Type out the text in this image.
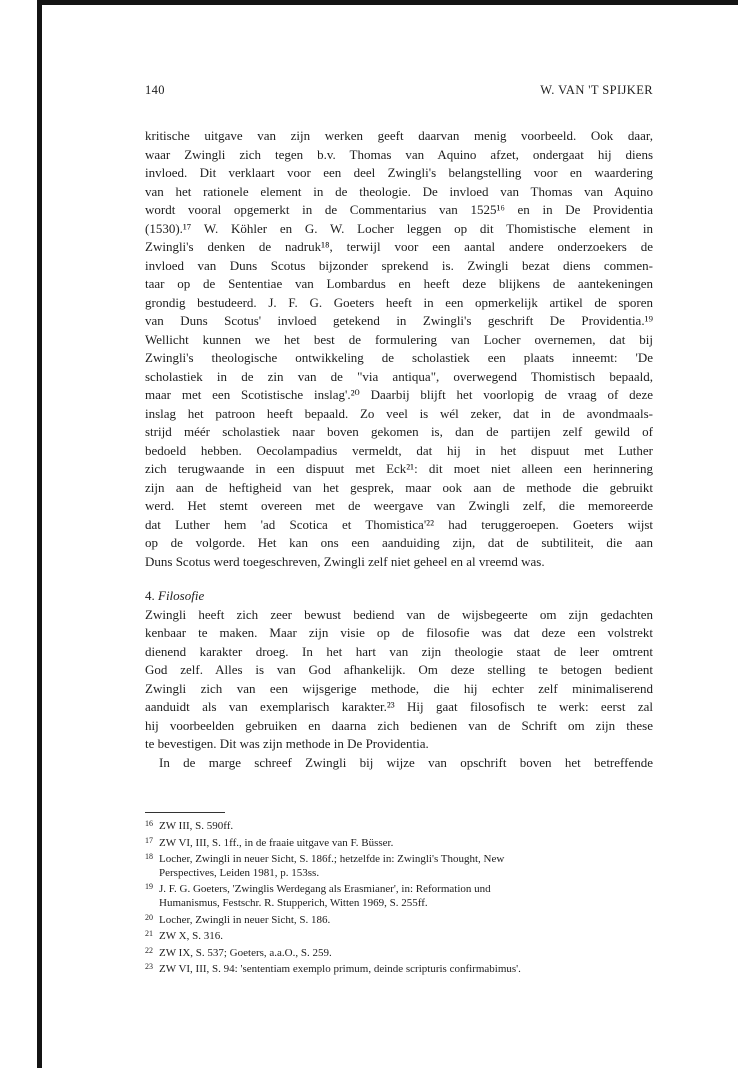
140	W. VAN 'T SPIJKER
kritische uitgave van zijn werken geeft daarvan menig voorbeeld. Ook daar,
waar Zwingli zich tegen b.v. Thomas van Aquino afzet, ondergaat hij diens
invloed. Dit verklaart voor een deel Zwingli's belangstelling voor en waardering
van het rationele element in de theologie. De invloed van Thomas van Aquino
wordt vooral opgemerkt in de Commentarius van 1525¹⁶ en in De Providentia
(1530).¹⁷ W. Köhler en G. W. Locher leggen op dit Thomistische element in
Zwingli's denken de nadruk¹⁸, terwijl voor een aantal andere onderzoekers de
invloed van Duns Scotus bijzonder sprekend is. Zwingli bezat diens commen-
taar op de Sententiae van Lombardus en heeft deze blijkens de aantekeningen
grondig bestudeerd. J. F. G. Goeters heeft in een opmerkelijk artikel de sporen
van Duns Scotus' invloed getekend in Zwingli's geschrift De Providentia.¹⁹
Wellicht kunnen we het best de formulering van Locher overnemen, dat bij
Zwingli's theologische ontwikkeling de scholastiek een plaats inneemt: 'De
scholastiek in de zin van de "via antiqua", overwegend Thomistisch bepaald,
maar met een Scotistische inslag'.²⁰ Daarbij blijft het voorlopig de vraag of deze
inslag het patroon heeft bepaald. Zo veel is wél zeker, dat in de avondmaals-
strijd méér scholastiek naar boven gekomen is, dan de partijen zelf gewild of
bedoeld hebben. Oecolampadius vermeldt, dat hij in het dispuut met Luther
zich terugwaande in een dispuut met Eck²¹: dit moet niet alleen een herinnering
zijn aan de heftigheid van het gesprek, maar ook aan de methode die gebruikt
werd. Het stemt overeen met de weergave van Zwingli zelf, die memoreerde
dat Luther hem 'ad Scotica et Thomistica'²² had teruggeroepen. Goeters wijst
op de volgorde. Het kan ons een aanduiding zijn, dat de subtiliteit, die aan
Duns Scotus werd toegeschreven, Zwingli zelf niet geheel en al vreemd was.
4. Filosofie
Zwingli heeft zich zeer bewust bediend van de wijsbegeerte om zijn gedachten
kenbaar te maken. Maar zijn visie op de filosofie was dat deze een volstrekt
dienend karakter droeg. In het hart van zijn theologie staat de leer omtrent
God zelf. Alles is van God afhankelijk. Om deze stelling te betogen bedient
Zwingli zich van een wijsgerige methode, die hij echter zelf minimaliserend
aanduidt als van exemplarisch karakter.²³ Hij gaat filosofisch te werk: eerst zal
hij voorbeelden gebruiken en daarna zich bedienen van de Schrift om zijn these
te bevestigen. Dit was zijn methode in De Providentia.
In de marge schreef Zwingli bij wijze van opschrift boven het betreffende
16 ZW III, S. 590ff.
17 ZW VI, III, S. 1ff., in de fraaie uitgave van F. Büsser.
18 Locher, Zwingli in neuer Sicht, S. 186f.; hetzelfde in: Zwingli's Thought, New
Perspectives, Leiden 1981, p. 153ss.
19 J. F. G. Goeters, 'Zwinglis Werdegang als Erasmianer', in: Reformation und
Humanismus, Festschr. R. Stupperich, Witten 1969, S. 255ff.
20 Locher, Zwingli in neuer Sicht, S. 186.
21 ZW X, S. 316.
22 ZW IX, S. 537; Goeters, a.a.O., S. 259.
23 ZW VI, III, S. 94: 'sententiam exemplo primum, deinde scripturis confirmabimus'.
